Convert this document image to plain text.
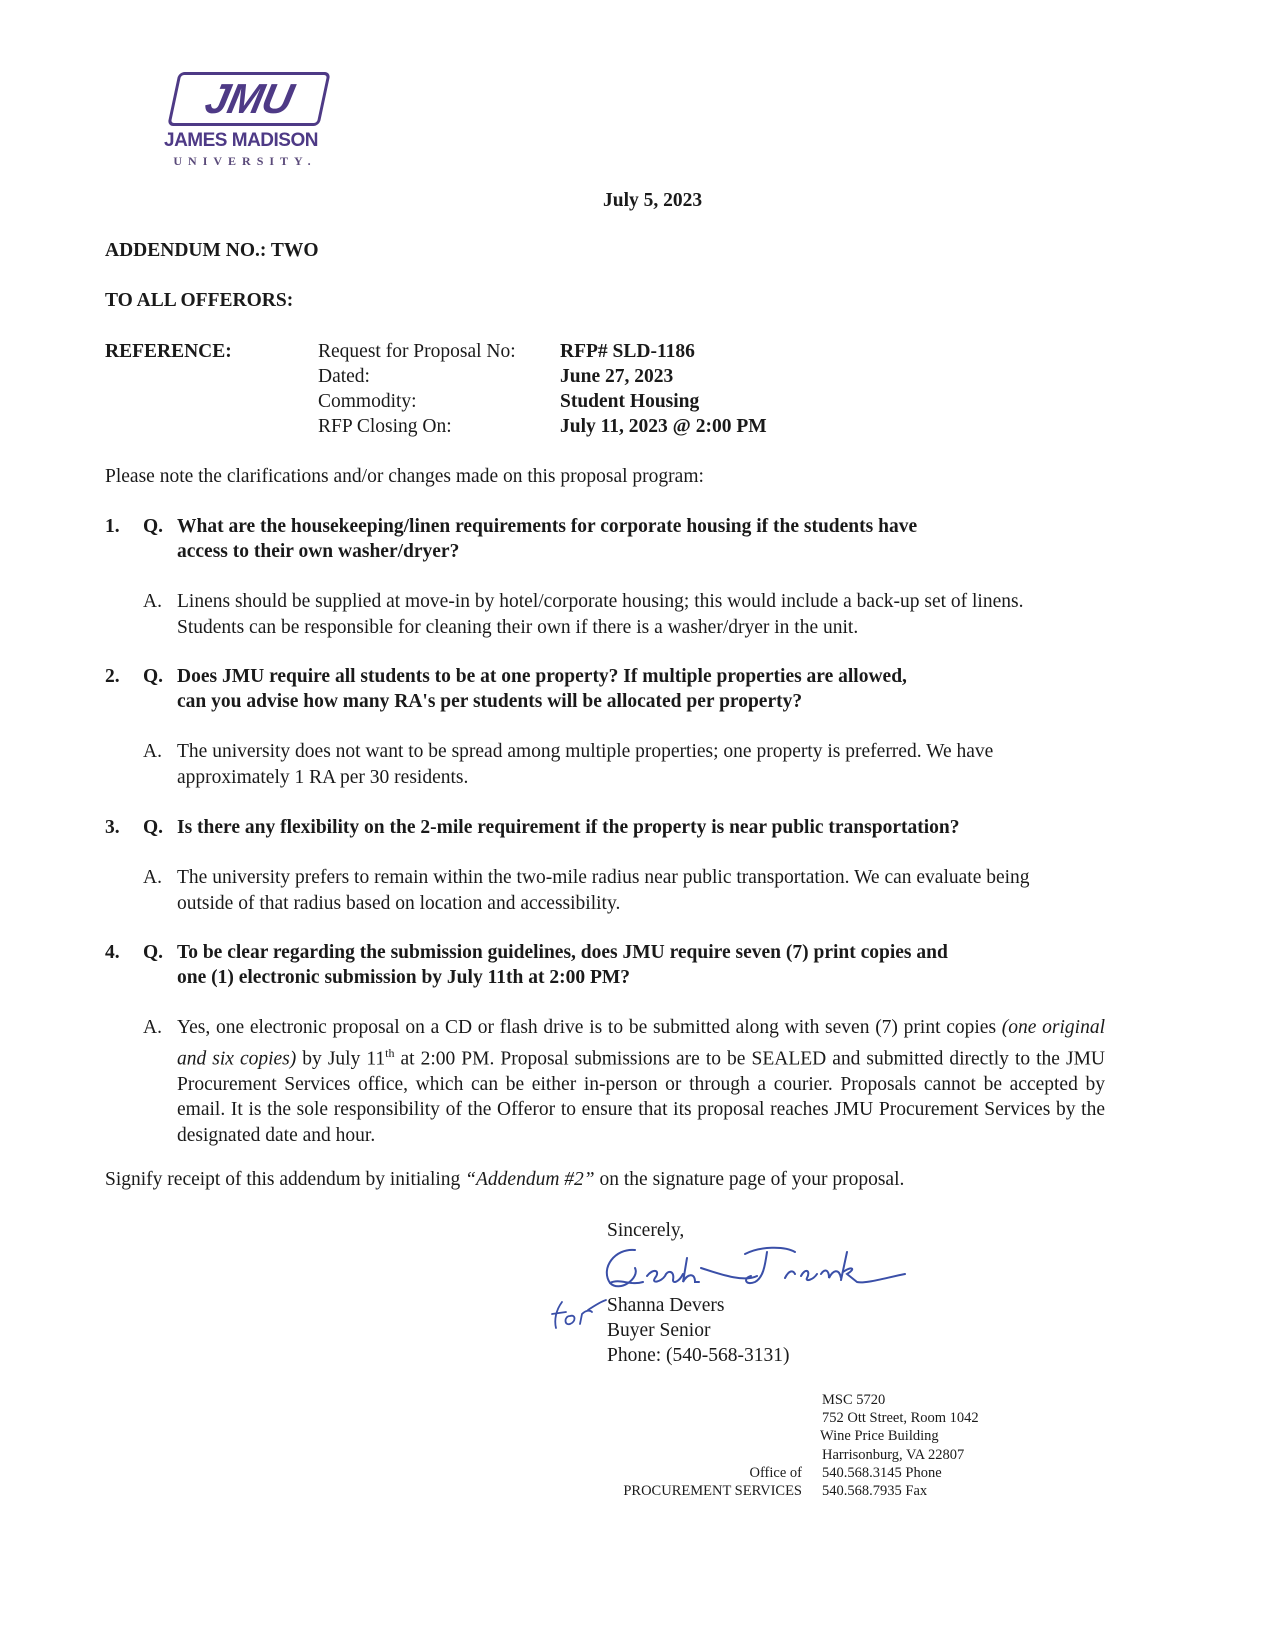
JMU
JAMES MADISON
UNIVERSITY.
July 5, 2023
ADDENDUM NO.: TWO
TO ALL OFFERORS:
REFERENCE:	Request for Proposal No: RFP# SLD-1186
Dated:	June 27, 2023
Commodity:	Student Housing
RFP Closing On:	July 11, 2023 @ 2:00 PM
Please note the clarifications and/or changes made on this proposal program:
1. Q. What are the housekeeping/linen requirements for corporate housing if the students have
access to their own washer/dryer?
A. Linens should be supplied at move-in by hotel/corporate housing; this would include a back-up set of linens. Students can be responsible for cleaning their own if there is a washer/dryer in the unit.
2. Q. Does JMU require all students to be at one property? If multiple properties are allowed,
can you advise how many RA's per students will be allocated per property?
A. The university does not want to be spread among multiple properties; one property is preferred. We have approximately 1 RA per 30 residents.
3. Q. Is there any flexibility on the 2-mile requirement if the property is near public transportation?
A. The university prefers to remain within the two-mile radius near public transportation. We can evaluate being outside of that radius based on location and accessibility.
4. Q. To be clear regarding the submission guidelines, does JMU require seven (7) print copies and
one (1) electronic submission by July 11th at 2:00 PM?
A. Yes, one electronic proposal on a CD or flash drive is to be submitted along with seven (7) print copies (one original and six copies) by July 11th at 2:00 PM. Proposal submissions are to be SEALED and submitted directly to the JMU Procurement Services office, which can be either in-person or through a courier. Proposals cannot be accepted by email. It is the sole responsibility of the Offeror to ensure that its proposal reaches JMU Procurement Services by the designated date and hour.
Signify receipt of this addendum by initialing “Addendum #2” on the signature page of your proposal.
Sincerely,
Shanna Devers
Buyer Senior
Phone: (540-568-3131)
MSC 5720
752 Ott Street, Room 1042
Wine Price Building
Harrisonburg, VA 22807
540.568.3145 Phone
540.568.7935 Fax
Office of
PROCUREMENT SERVICES
